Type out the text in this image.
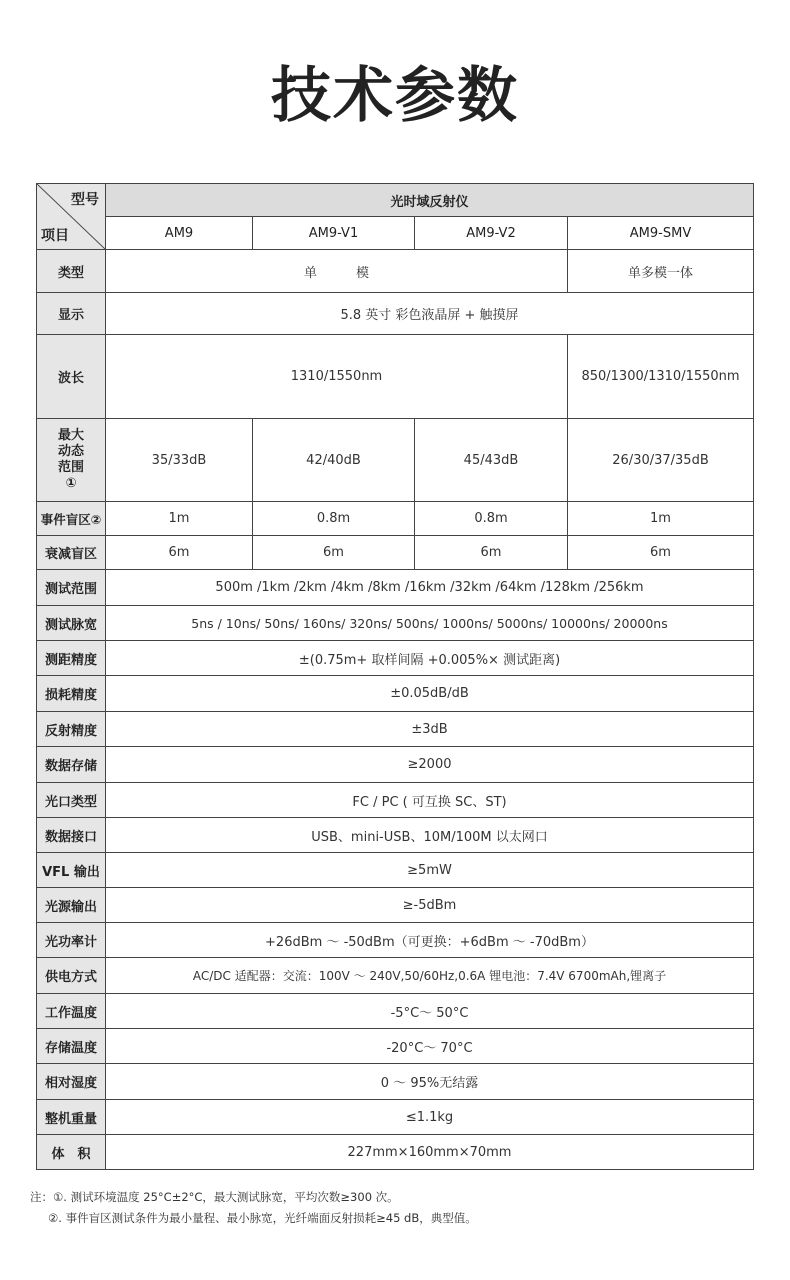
技术参数
型号
项目	光时域反射仪			
	AM9	AM9-V1	AM9-V2	AM9-SMV
类型	单　　　模			单多模一体
显示	5.8 英寸 彩色液晶屏 + 触摸屏			
波长	1310/1550nm			850/1300/1310/1550nm

最大
动态
范围
①	35/33dB	42/40dB	45/43dB	26/30/37/35dB
事件盲区②	1m	0.8m	0.8m	1m
衰减盲区	6m	6m	6m	6m
测试范围	500m /1km /2km /4km /8km /16km /32km /64km /128km /256km			
测试脉宽	5ns / 10ns/ 50ns/ 160ns/ 320ns/ 500ns/ 1000ns/ 5000ns/ 10000ns/ 20000ns			
测距精度	±(0.75m+ 取样间隔 +0.005%× 测试距离)			
损耗精度	±0.05dB/dB			
反射精度	±3dB			
数据存储	≥2000			
光口类型	FC / PC ( 可互换 SC、ST)			
数据接口	USB、mini-USB、10M/100M 以太网口			
VFL 输出	≥5mW			
光源输出	≥-5dBm			
光功率计	+26dBm ～ -50dBm（可更换：+6dBm ～ -70dBm）			
供电方式	AC/DC 适配器：交流：100V ～ 240V,50/60Hz,0.6A 锂电池：7.4V 6700mAh,锂离子			
工作温度	-5°C～ 50°C			
存储温度	-20°C～ 70°C			
相对湿度	0 ～ 95%无结露			
整机重量	≤1.1kg			
体　积	227mm×160mm×70mm			
注：①. 测试环境温度 25°C±2°C，最大测试脉宽，平均次数≥300 次。
②. 事件盲区测试条件为最小量程、最小脉宽，光纤端面反射损耗≥45 dB，典型值。
